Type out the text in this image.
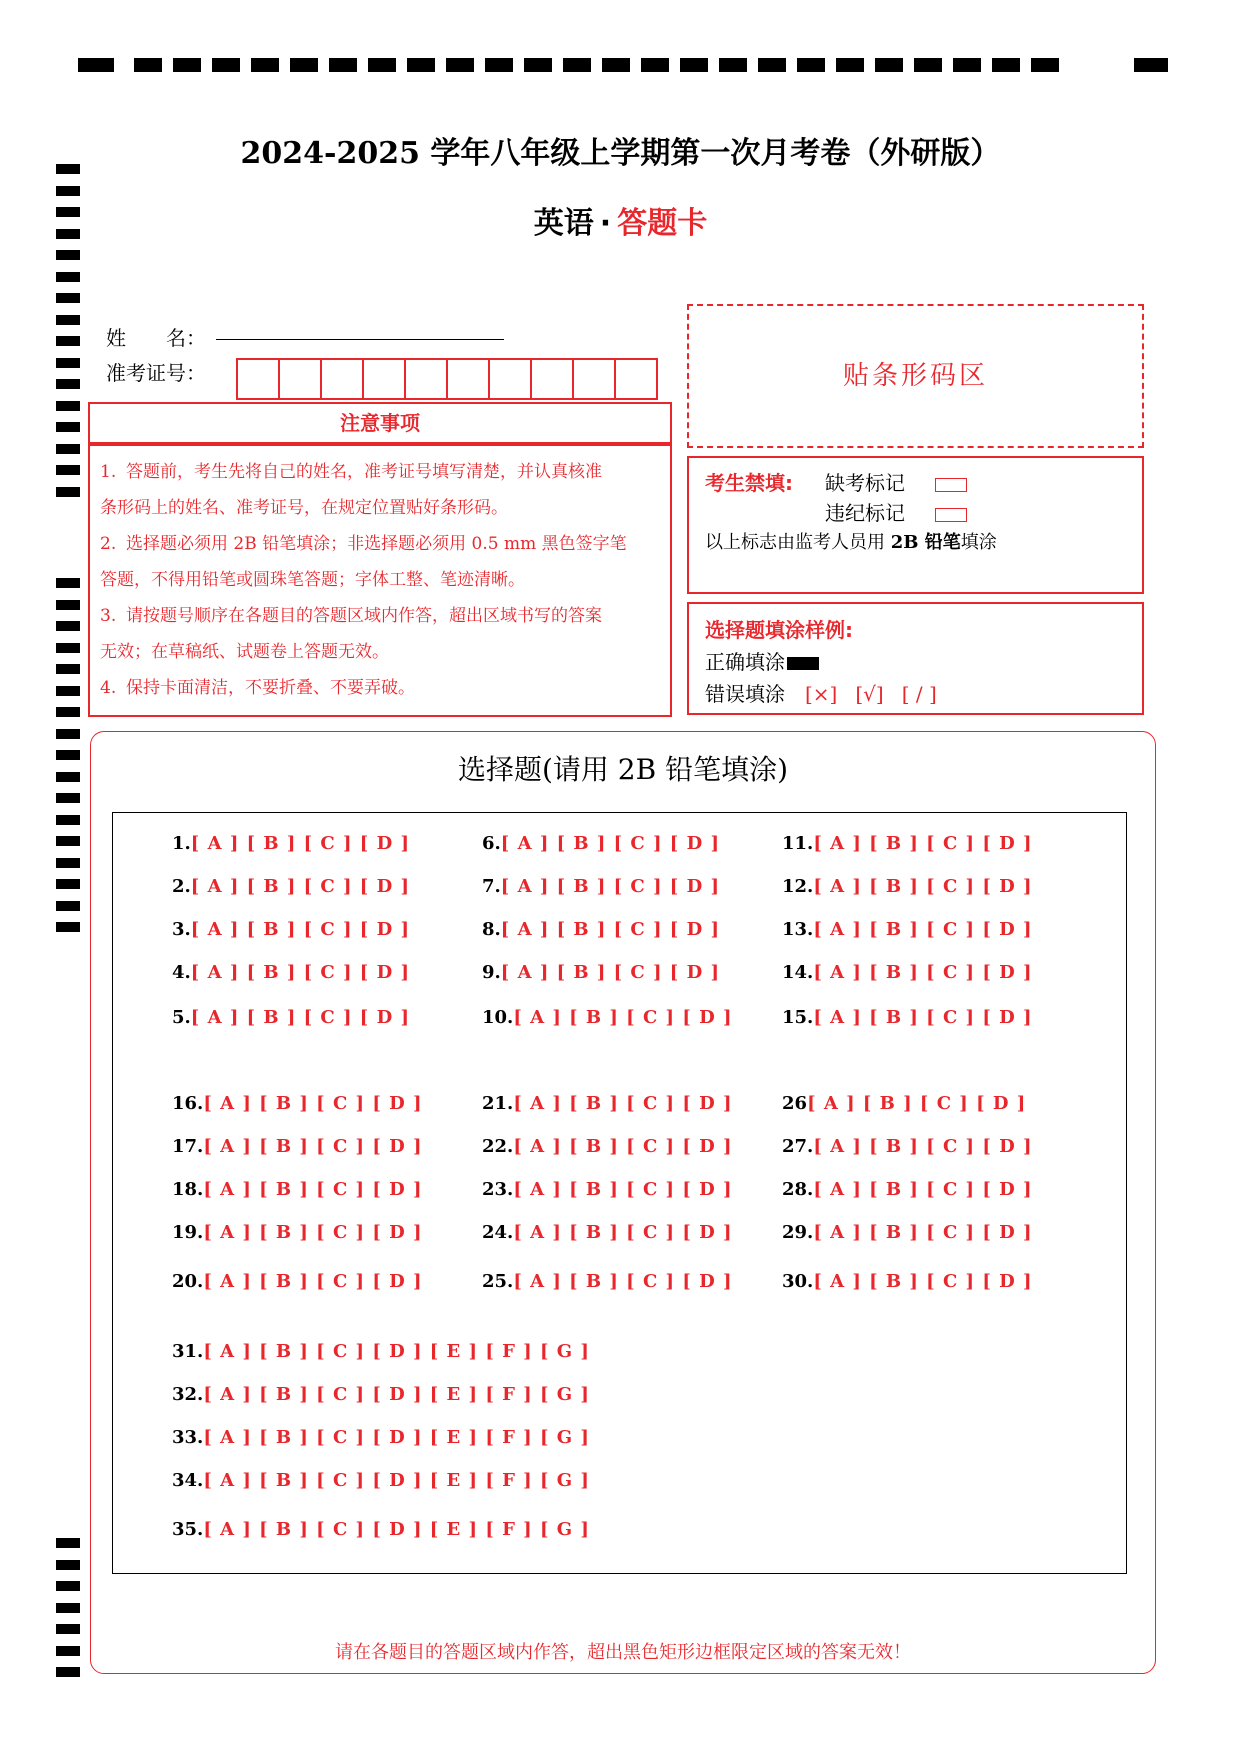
2024-2025 学年八年级上学期第一次月考卷（外研版）
英语 · 答题卡
姓　　名：
准考证号：
注意事项

1. 答题前，考生先将自己的姓名，准考证号填写清楚，并认真核准

条形码上的姓名、准考证号，在规定位置贴好条形码。

2. 选择题必须用 2B 铅笔填涂；非选择题必须用 0.5 mm 黑色签字笔

答题，不得用铅笔或圆珠笔答题；字体工整、笔迹清晰。

3. 请按题号顺序在各题目的答题区域内作答，超出区域书写的答案

无效；在草稿纸、试题卷上答题无效。

4. 保持卡面清洁，不要折叠、不要弄破。

贴条形码区
考生禁填: 缺考标记
违纪标记
以上标志由监考人员用 2B 铅笔填涂
选择题填涂样例:
正确填涂
错误填涂 [×] [√] [ / ]
选择题(请用 2B 铅笔填涂)
1.[ A ] [ B ] [ C ] [ D ]
2.[ A ] [ B ] [ C ] [ D ]
3.[ A ] [ B ] [ C ] [ D ]
4.[ A ] [ B ] [ C ] [ D ]
5.[ A ] [ B ] [ C ] [ D ]
6.[ A ] [ B ] [ C ] [ D ]
7.[ A ] [ B ] [ C ] [ D ]
8.[ A ] [ B ] [ C ] [ D ]
9.[ A ] [ B ] [ C ] [ D ]
10.[ A ] [ B ] [ C ] [ D ]
11.[ A ] [ B ] [ C ] [ D ]
12.[ A ] [ B ] [ C ] [ D ]
13.[ A ] [ B ] [ C ] [ D ]
14.[ A ] [ B ] [ C ] [ D ]
15.[ A ] [ B ] [ C ] [ D ]
16.[ A ] [ B ] [ C ] [ D ]
17.[ A ] [ B ] [ C ] [ D ]
18.[ A ] [ B ] [ C ] [ D ]
19.[ A ] [ B ] [ C ] [ D ]
20.[ A ] [ B ] [ C ] [ D ]
21.[ A ] [ B ] [ C ] [ D ]
22.[ A ] [ B ] [ C ] [ D ]
23.[ A ] [ B ] [ C ] [ D ]
24.[ A ] [ B ] [ C ] [ D ]
25.[ A ] [ B ] [ C ] [ D ]
26[ A ] [ B ] [ C ] [ D ]
27.[ A ] [ B ] [ C ] [ D ]
28.[ A ] [ B ] [ C ] [ D ]
29.[ A ] [ B ] [ C ] [ D ]
30.[ A ] [ B ] [ C ] [ D ]
31.[ A ] [ B ] [ C ] [ D ] [ E ] [ F ] [ G ]
32.[ A ] [ B ] [ C ] [ D ] [ E ] [ F ] [ G ]
33.[ A ] [ B ] [ C ] [ D ] [ E ] [ F ] [ G ]
34.[ A ] [ B ] [ C ] [ D ] [ E ] [ F ] [ G ]
35.[ A ] [ B ] [ C ] [ D ] [ E ] [ F ] [ G ]
请在各题目的答题区域内作答，超出黑色矩形边框限定区域的答案无效！
